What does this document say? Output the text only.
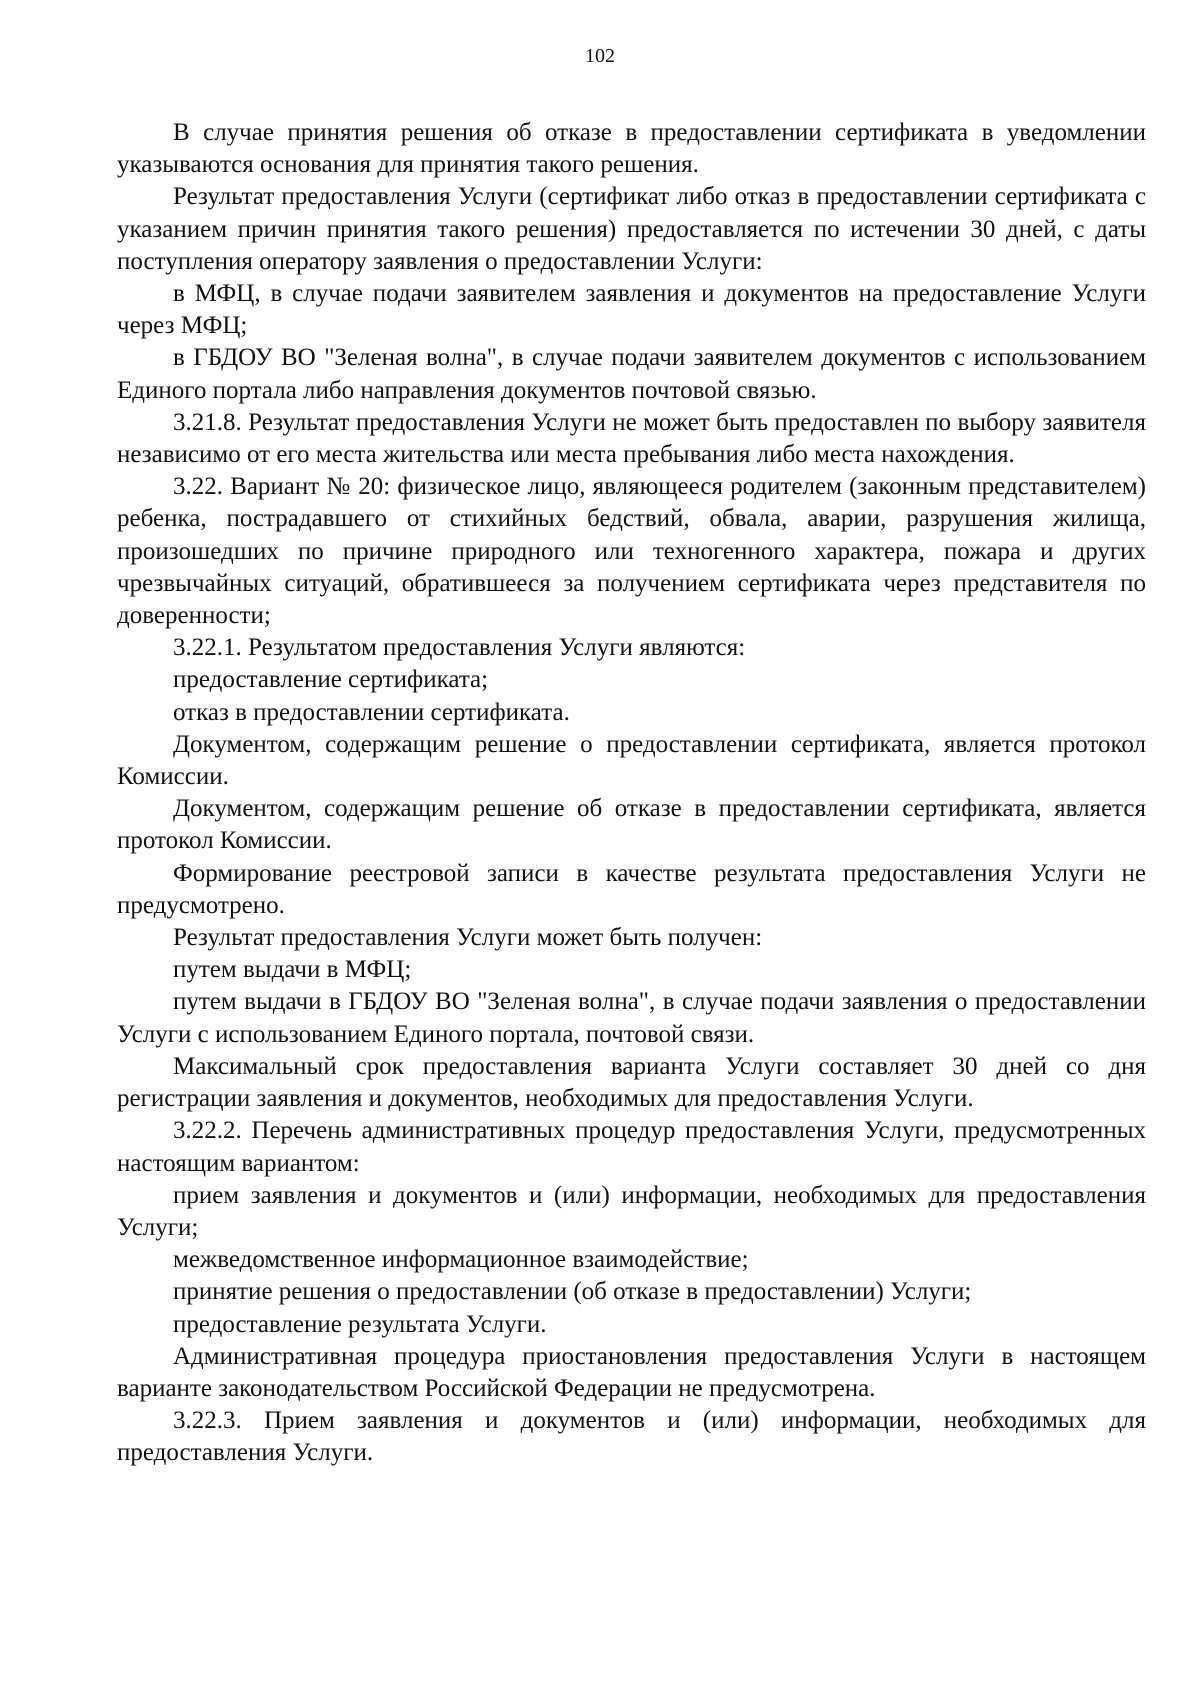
102

В случае принятия решения об отказе в предоставлении сертификата в уведомлении указываются основания для принятия такого решения.

Результат предоставления Услуги (сертификат либо отказ в предоставлении сертификата с указанием причин принятия такого решения) предоставляется по истечении 30 дней, с даты поступления оператору заявления о предоставлении Услуги:

в МФЦ, в случае подачи заявителем заявления и документов на предоставление Услуги через МФЦ;

в ГБДОУ ВО "Зеленая волна", в случае подачи заявителем документов с использованием Единого портала либо направления документов почтовой связью.

3.21.8. Результат предоставления Услуги не может быть предоставлен по выбору заявителя независимо от его места жительства или места пребывания либо места нахождения.

3.22. Вариант № 20: физическое лицо, являющееся родителем (законным представителем) ребенка, пострадавшего от стихийных бедствий, обвала, аварии, разрушения жилища, произошедших по причине природного или техногенного характера, пожара и других чрезвычайных ситуаций, обратившееся за получением сертификата через представителя по доверенности;

3.22.1. Результатом предоставления Услуги являются:

предоставление сертификата;

отказ в предоставлении сертификата.

Документом, содержащим решение о предоставлении сертификата, является протокол Комиссии.

Документом, содержащим решение об отказе в предоставлении сертификата, является протокол Комиссии.

Формирование реестровой записи в качестве результата предоставления Услуги не предусмотрено.

Результат предоставления Услуги может быть получен:

путем выдачи в МФЦ;

путем выдачи в ГБДОУ ВО "Зеленая волна", в случае подачи заявления о предоставлении Услуги с использованием Единого портала, почтовой связи.

Максимальный срок предоставления варианта Услуги составляет 30 дней со дня регистрации заявления и документов, необходимых для предоставления Услуги.

3.22.2. Перечень административных процедур предоставления Услуги, предусмотренных настоящим вариантом:

прием заявления и документов и (или) информации, необходимых для предоставления Услуги;

межведомственное информационное взаимодействие;

принятие решения о предоставлении (об отказе в предоставлении) Услуги;

предоставление результата Услуги.

Административная процедура приостановления предоставления Услуги в настоящем варианте законодательством Российской Федерации не предусмотрена.

3.22.3. Прием заявления и документов и (или) информации, необходимых для предоставления Услуги.
